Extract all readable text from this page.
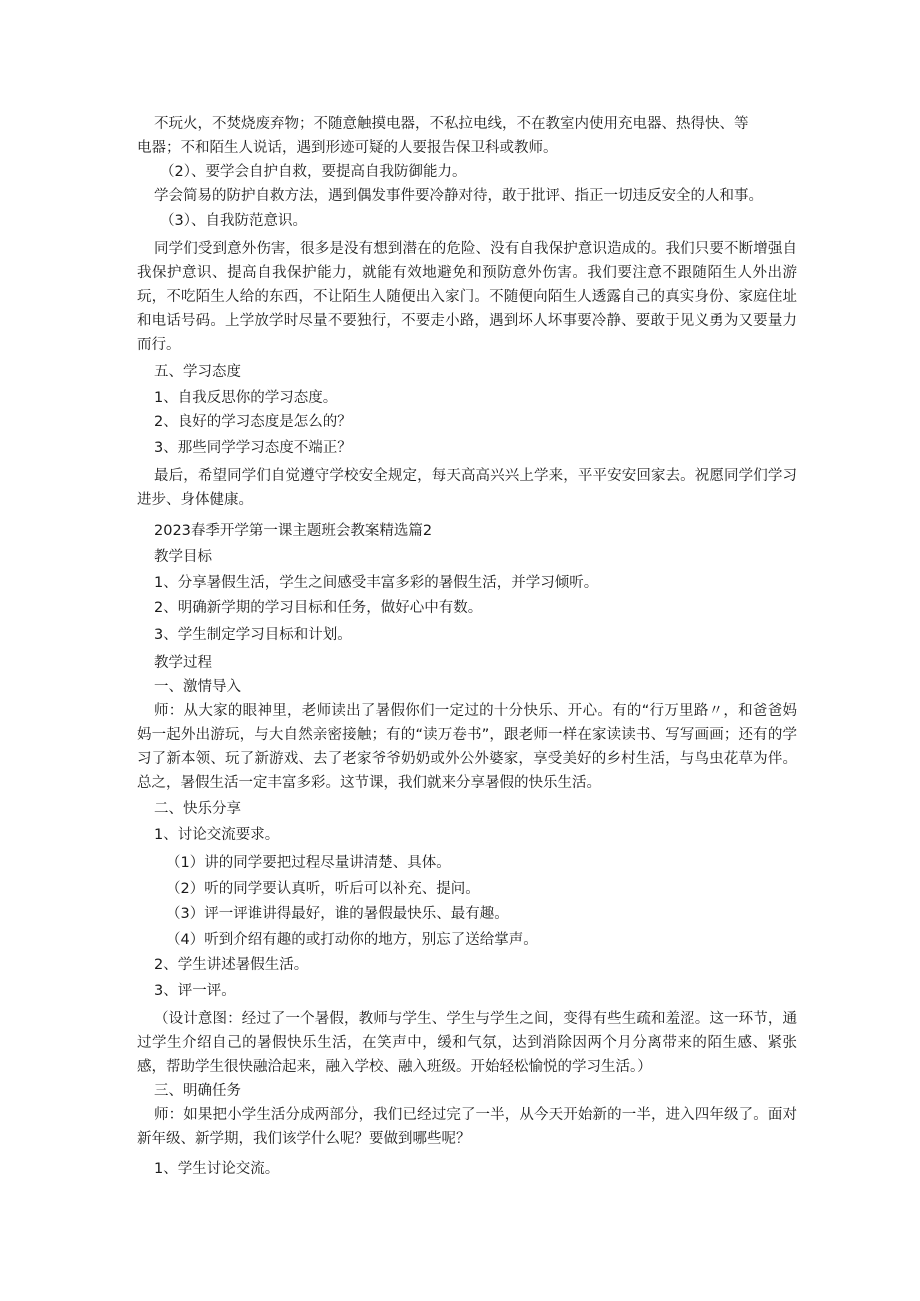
不玩火，不焚烧废弃物；不随意触摸电器，不私拉电线，不在教室内使用充电器、热得快、等
电器；不和陌生人说话，遇到形迹可疑的人要报告保卫科或教师。
（2）、要学会自护自救，要提高自我防御能力。
学会简易的防护自救方法，遇到偶发事件要冷静对待，敢于批评、指正一切违反安全的人和事。
（3）、自我防范意识。
同学们受到意外伤害，很多是没有想到潜在的危险、没有自我保护意识造成的。我们只要不断增强自我保护意识、提高自我保护能力，就能有效地避免和预防意外伤害。我们要注意不跟随陌生人外出游玩，不吃陌生人给的东西，不让陌生人随便出入家门。不随便向陌生人透露自己的真实身份、家庭住址和电话号码。上学放学时尽量不要独行，不要走小路，遇到坏人坏事要冷静、要敢于见义勇为又要量力而行。
五、学习态度
1、自我反思你的学习态度。
2、良好的学习态度是怎么的？
3、那些同学学习态度不端正？
最后，希望同学们自觉遵守学校安全规定，每天高高兴兴上学来，平平安安回家去。祝愿同学们学习进步、身体健康。
2023春季开学第一课主题班会教案精选篇2
教学目标
1、分享暑假生活，学生之间感受丰富多彩的暑假生活，并学习倾听。
2、明确新学期的学习目标和任务，做好心中有数。
3、学生制定学习目标和计划。
教学过程
一、激情导入
师：从大家的眼神里，老师读出了暑假你们一定过的十分快乐、开心。有的“行万里路〃，和爸爸妈妈一起外出游玩，与大自然亲密接触；有的“读万卷书”，跟老师一样在家读读书、写写画画；还有的学习了新本领、玩了新游戏、去了老家爷爷奶奶或外公外婆家，享受美好的乡村生活，与鸟虫花草为伴。总之，暑假生活一定丰富多彩。这节课，我们就来分享暑假的快乐生活。
二、快乐分享
1、讨论交流要求。
（1）讲的同学要把过程尽量讲清楚、具体。
（2）听的同学要认真听，听后可以补充、提问。
（3）评一评谁讲得最好，谁的暑假最快乐、最有趣。
（4）听到介绍有趣的或打动你的地方，别忘了送给掌声。
2、学生讲述暑假生活。
3、评一评。
（设计意图：经过了一个暑假，教师与学生、学生与学生之间，变得有些生疏和羞涩。这一环节，通过学生介绍自己的暑假快乐生活，在笑声中，缓和气氛，达到消除因两个月分离带来的陌生感、紧张感，帮助学生很快融洽起来，融入学校、融入班级。开始轻松愉悦的学习生活。）
三、明确任务
师：如果把小学生活分成两部分，我们已经过完了一半，从今天开始新的一半，进入四年级了。面对新年级、新学期，我们该学什么呢？要做到哪些呢？
1、学生讨论交流。
